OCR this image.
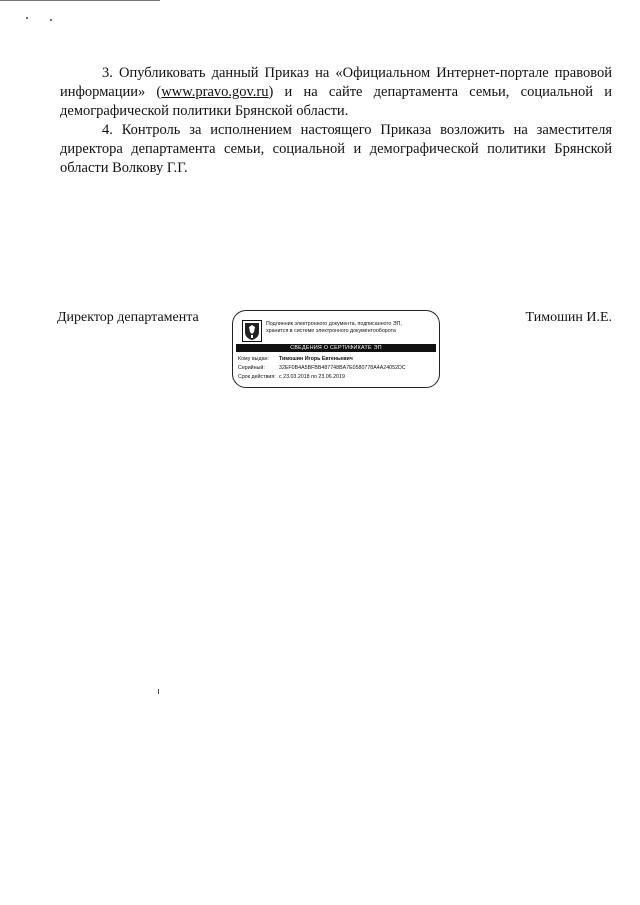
3. Опубликовать данный Приказ на «Официальном Интернет-портале правовой информации» (www.pravo.gov.ru) и на сайте департамента семьи, социальной и демографической политики Брянской области.

4. Контроль за исполнением настоящего Приказа возложить на заместителя директора департамента семьи, социальной и демографической политики Брянской области Волкову Г.Г.

Директор департамента	Подлинник электронного документа, подписанного ЭП,
хранится в системе электронного документооборота
СВЕДЕНИЯ О СЕРТИФИКАТЕ ЭП
Кому выдан: Тимошин Игорь Евгеньевич
Серийный:	32EF0B4A5BFBB487748BA7E0580778A4A24052DC
Срок действия: с 23.03.2018 по 23.06.2019
Тимошин И.Е.
